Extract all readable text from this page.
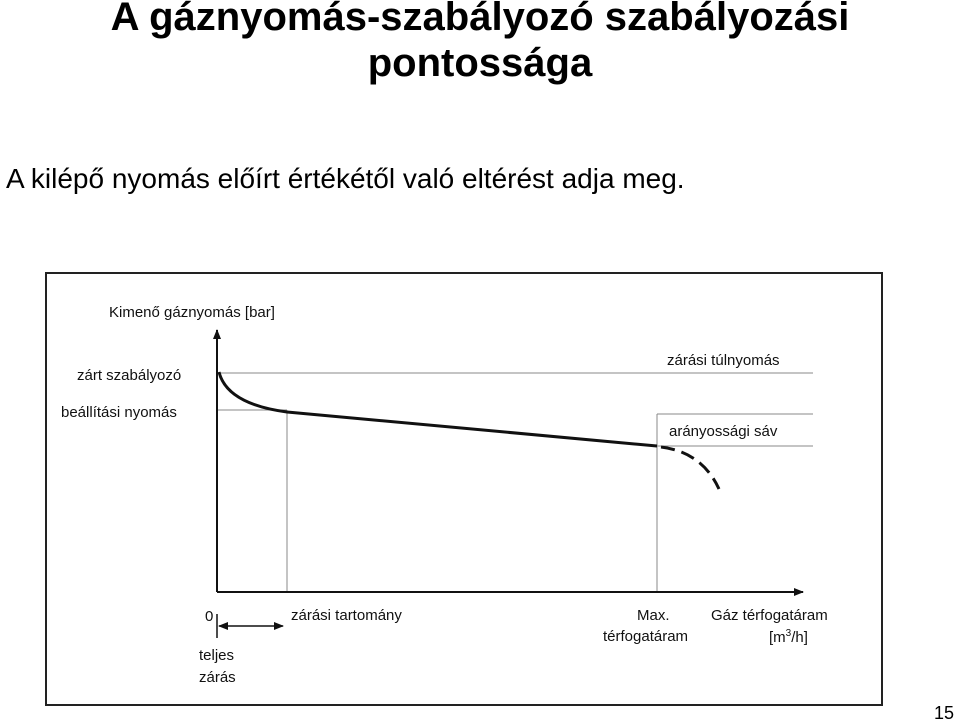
A gáznyomás-szabályozó szabályozási
pontossága

A kilépő nyomás előírt értékétől való eltérést adja meg.

Kimenő gáznyomás [bar]
zárt szabályozó
beállítási nyomás
zárási túlnyomás
arányossági sáv
0	zárási tartomány	Max.
térfogatáram
Gáz térfogatáram
$[m^3/h]$
teljes
zárás
15
